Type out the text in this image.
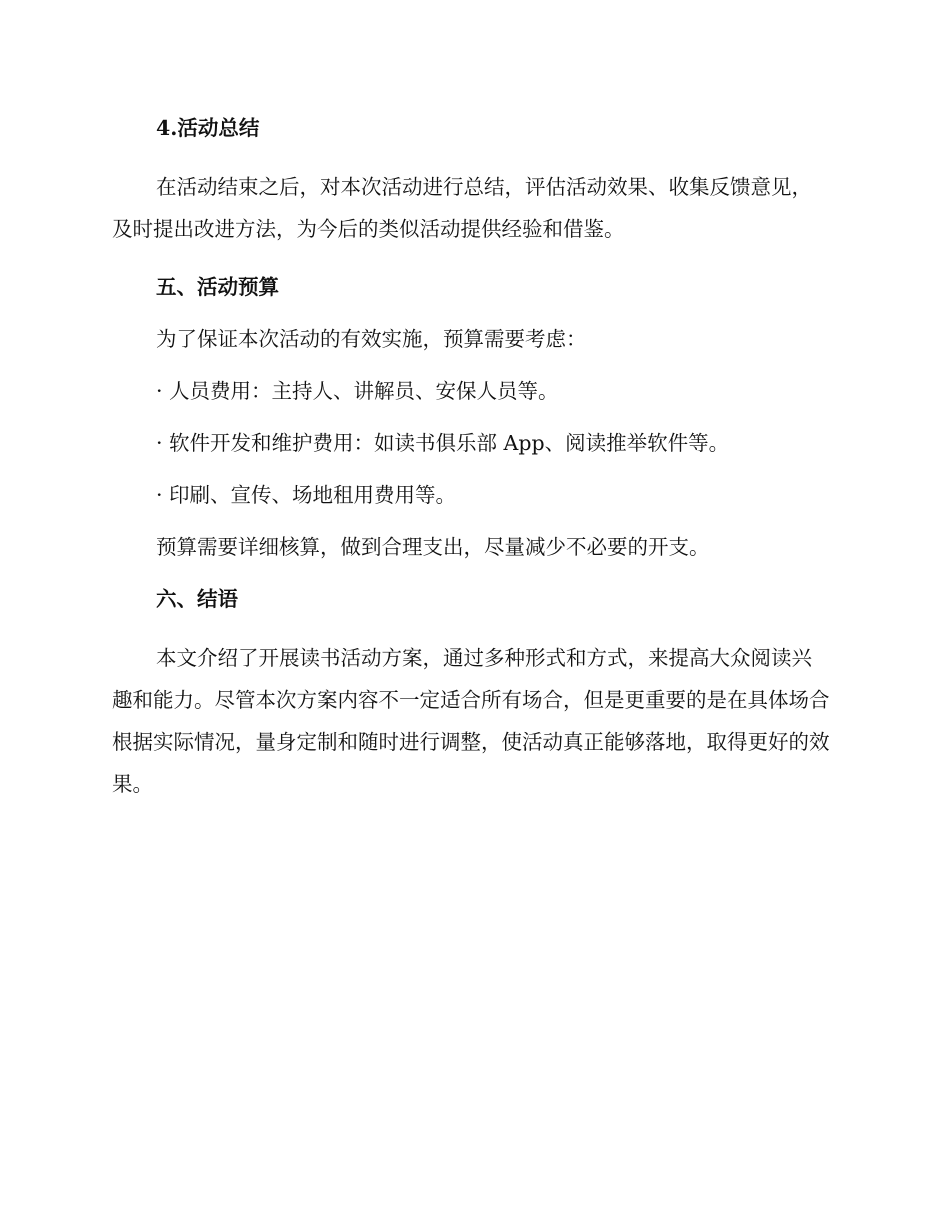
4.活动总结

在活动结束之后，对本次活动进行总结，评估活动效果、收集反馈意见，及时提出改进方法，为今后的类似活动提供经验和借鉴。

五、活动预算
为了保证本次活动的有效实施，预算需要考虑：
· 人员费用：主持人、讲解员、安保人员等。
· 软件开发和维护费用：如读书俱乐部 App、阅读推举软件等。
· 印刷、宣传、场地租用费用等。
预算需要详细核算，做到合理支出，尽量减少不必要的开支。
六、结语

本文介绍了开展读书活动方案，通过多种形式和方式，来提高大众阅读兴趣和能力。尽管本次方案内容不一定适合所有场合，但是更重要的是在具体场合根据实际情况，量身定制和随时进行调整，使活动真正能够落地，取得更好的效果。
